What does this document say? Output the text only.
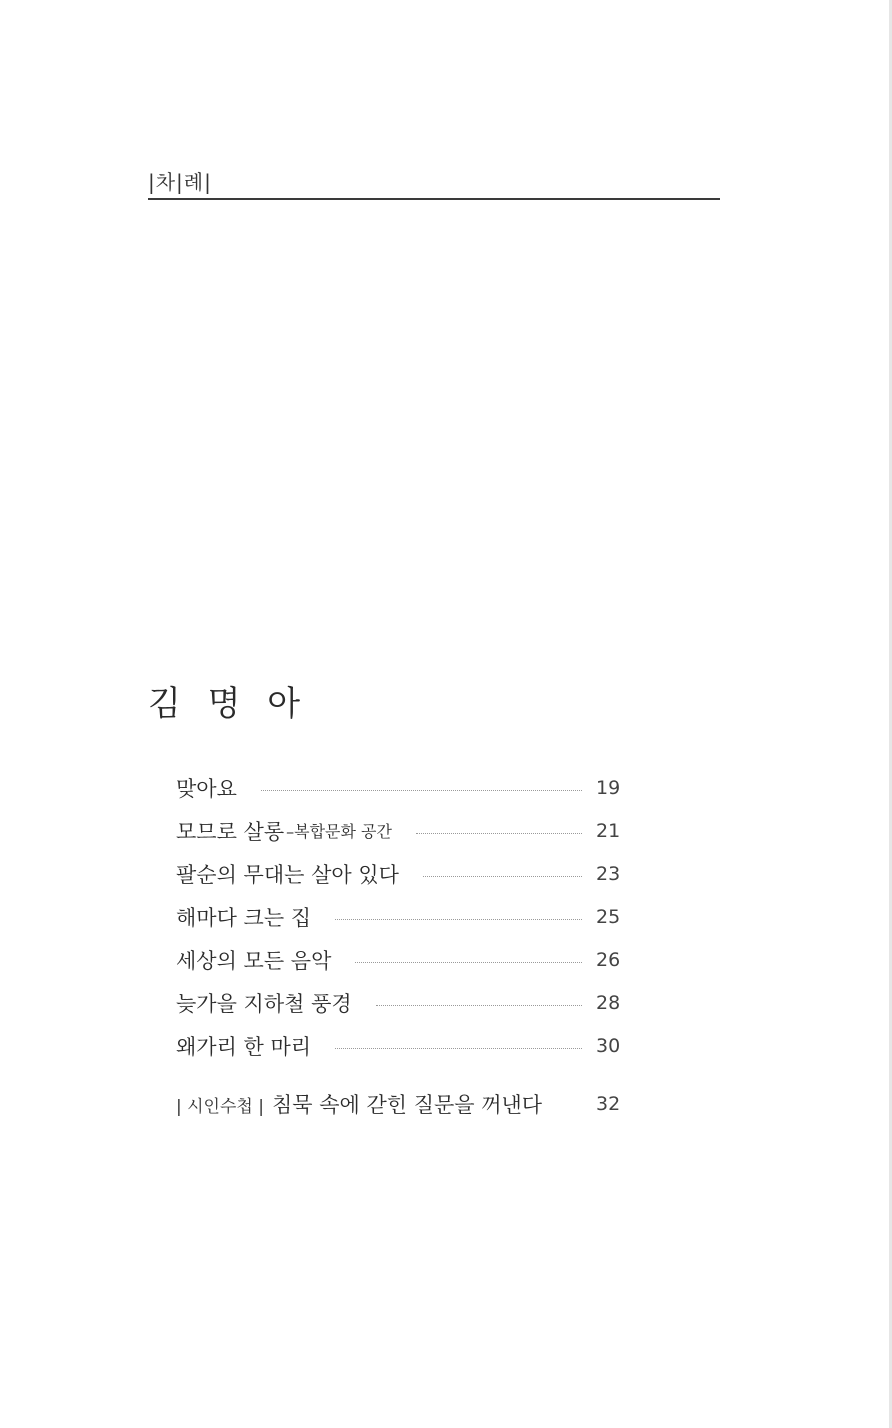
|차|례|
김 명 아
맞아요	19
모므로 살롱 –복합문화 공간	21
팔순의 무대는 살아 있다	23
해마다 크는 집	25
세상의 모든 음악	26
늦가을 지하철 풍경	28
왜가리 한 마리	30
| 시인수첩 | 침묵 속에 갇힌 질문을 꺼낸다	32
